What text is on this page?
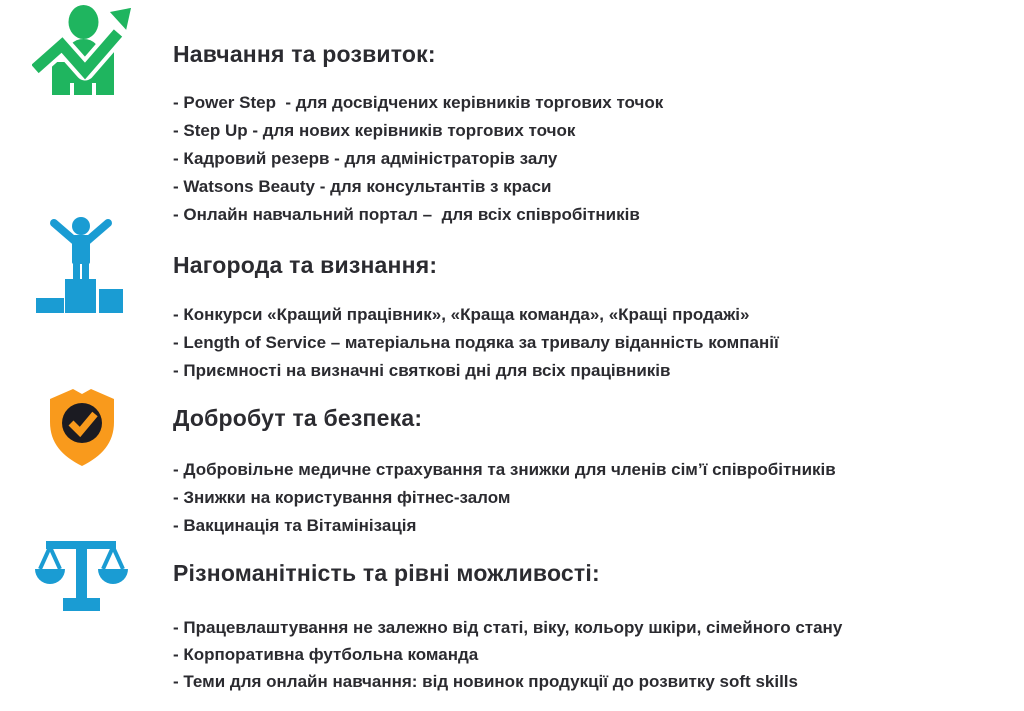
Навчання та розвиток:

- Power Step  - для досвідчених керівників торгових точок

- Step Up - для нових керівників торгових точок

- Кадровий резерв - для адміністраторів залу

- Watsons Beauty - для консультантів з краси

- Онлайн навчальний портал –  для всіх співробітників

Нагорода та визнання:

- Конкурси «Кращий працівник», «Краща команда», «Кращі продажі»

- Length of Service – матеріальна подяка за тривалу віданність компанії

- Приємності на визначні святкові дні для всіх працівників

Добробут та безпека:

- Добровільне медичне страхування та знижки для членів сім’ї співробітників

- Знижки на користування фітнес-залом

- Вакцинація та Вітамінізація

Різноманітність та рівні можливості:

- Працевлаштування не залежно від статі, віку, кольору шкіри, сімейного стану

- Корпоративна футбольна команда

- Теми для онлайн навчання: від новинок продукції до розвитку soft skills
